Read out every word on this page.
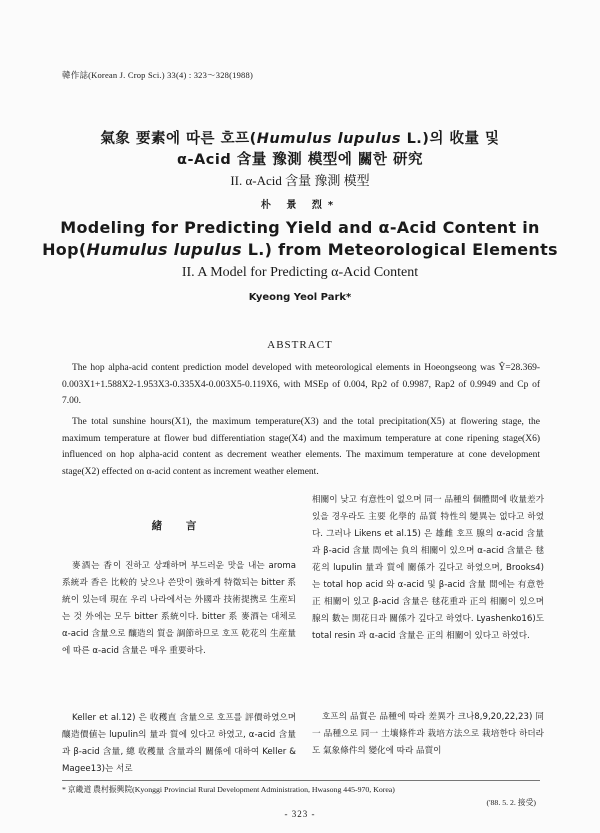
韓作誌(Korean J. Crop Sci.) 33(4) : 323～328(1988)
氣象 要素에 따른 호프(Humulus lupulus L.)의 收量 및
α-Acid 含量 豫測 模型에 關한 研究
II. α-Acid 含量 豫測 模型
朴 景 烈*
Modeling for Predicting Yield and α-Acid Content in
Hop(Humulus lupulus L.) from Meteorological Elements
II. A Model for Predicting α-Acid Content
Kyeong Yeol Park*
ABSTRACT
The hop alpha-acid content prediction model developed with meteorological elements in Hoeongseong was Ŷ=28.369-0.003X1+1.588X2-1.953X3-0.335X4-0.003X5-0.119X6, with MSEp of 0.004, Rp2 of 0.9987, Rap2 of 0.9949 and Cp of 7.00.
The total sunshine hours(X1), the maximum temperature(X3) and the total precipitation(X5) at flowering stage, the maximum temperature at flower bud differentiation stage(X4) and the maximum temperature at cone ripening stage(X6) influenced on hop alpha-acid content as decrement weather elements. The maximum temperature at cone development stage(X2) effected on α-acid content as increment weather element.
緒 言
麥酒는 香이 진하고 상쾌하며 부드러운 맛을 내는 aroma 系統과 香은 比較的 낮으나 쓴맛이 強하게 特徵되는 bitter 系統이 있는데 現在 우리 나라에서는 外國과 技術提携로 生産되는 것 外에는 모두 bitter 系統이다. bitter 系 麥酒는 대체로 α-acid 含量으로 釀造의 質을 調節하므로 호프 乾花의 生産量에 따른 α-acid 含量은 매우 重要하다.
Keller et al.12) 은 收穫直 含量으로 호프를 評價하였으며 釀造價値는 lupulin의 量과 質에 있다고 하였고, α-acid 含量과 β-acid 含量, 總 收穫量 含量과의 關係에 대하여 Keller & Magee13)는 서로
相關이 낮고 有意性이 없으며 同一 品種의 個體間에 收量差가 있을 경우라도 主要 化學的 品質 特性의 變異는 없다고 하였다. 그러나 Likens et al.15) 은 雄雌 호프 腺의 α-acid 含量과 β-acid 含量 間에는 負의 相關이 있으며 α-acid 含量은 毬花의 lupulin 量과 質에 關係가 깊다고 하였으며, Brooks4) 는 total hop acid 와 α-acid 및 β-acid 含量 間에는 有意한 正 相關이 있고 β-acid 含量은 毬花重과 正의 相關이 있으며 腺의 數는 開花日과 關係가 깊다고 하였다. Lyashenko16)도 total resin 과 α-acid 含量은 正의 相關이 있다고 하였다.
호프의 品質은 品種에 따라 差異가 크나8,9,20,22,23) 同一 品種으로 同一 土壤條件과 栽培方法으로 栽培한다 하더라도 氣象條件의 變化에 따라 品質이
* 京畿道 農村振興院(Kyonggi Provincial Rural Development Administration, Hwasong 445-970, Korea)
('88. 5. 2. 接受)
- 323 -
